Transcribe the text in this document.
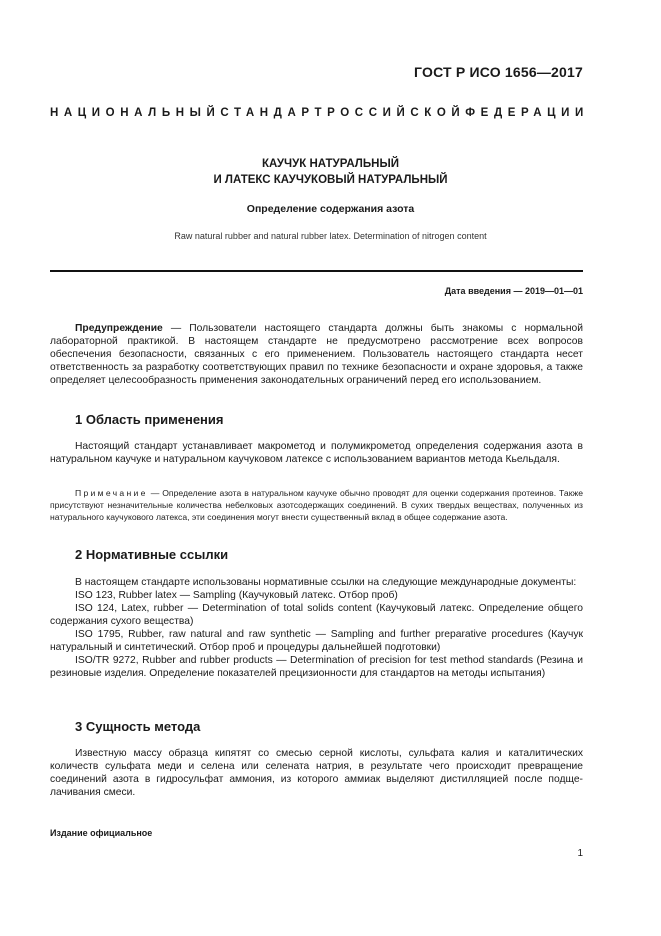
ГОСТ Р ИСО 1656—2017
НАЦИОНАЛЬНЫЙ СТАНДАРТ РОССИЙСКОЙ ФЕДЕРАЦИИ
КАУЧУК НАТУРАЛЬНЫЙ
И ЛАТЕКС КАУЧУКОВЫЙ НАТУРАЛЬНЫЙ
Определение содержания азота
Raw natural rubber and natural rubber latex. Determination of nitrogen content
Дата введения — 2019—01—01

Предупреждение — Пользователи настоящего стандарта должны быть знакомы с нормальной лабораторной практикой. В настоящем стандарте не предусмотрено рассмотрение всех вопросов обеспечения безопасности, связанных с его применением. Пользователь настоящего стандарта несет ответственность за разработку соответствующих правил по технике безопасности и охране здоровья, а также определяет целесообразность применения законодательных ограничений перед его использованием.

1 Область применения

Настоящий стандарт устанавливает макрометод и полумикрометод определения содержания азота в натуральном каучуке и натуральном каучуковом латексе с использованием вариантов метода Кьельдаля.

Примечание — Определение азота в натуральном каучуке обычно проводят для оценки содержания протеинов. Также присутствуют незначительные количества небелковых азотсодержащих соединений. В сухих твердых веществах, полученных из натурального каучукового латекса, эти соединения могут внести существенный вклад в общее содержание азота.

2 Нормативные ссылки

В настоящем стандарте использованы нормативные ссылки на следующие международные документы:

ISO 123, Rubber latex — Sampling (Каучуковый латекс. Отбор проб)

ISO 124, Latex, rubber — Determination of total solids content (Каучуковый латекс. Определение общего содержания сухого вещества)

ISO 1795, Rubber, raw natural and raw synthetic — Sampling and further preparative procedures (Каучук натуральный и синтетический. Отбор проб и процедуры дальнейшей подготовки)

ISO/TR 9272, Rubber and rubber products — Determination of precision for test method standards (Резина и резиновые изделия. Определение показателей прецизионности для стандартов на методы испытания)

3 Сущность метода

Известную массу образца кипятят со смесью серной кислоты, сульфата калия и каталитических количеств сульфата меди и селена или селената натрия, в результате чего происходит превращение соединений азота в гидросульфат аммония, из которого аммиак выделяют дистилляцией после подще-лачивания смеси.

Издание официальное
1
